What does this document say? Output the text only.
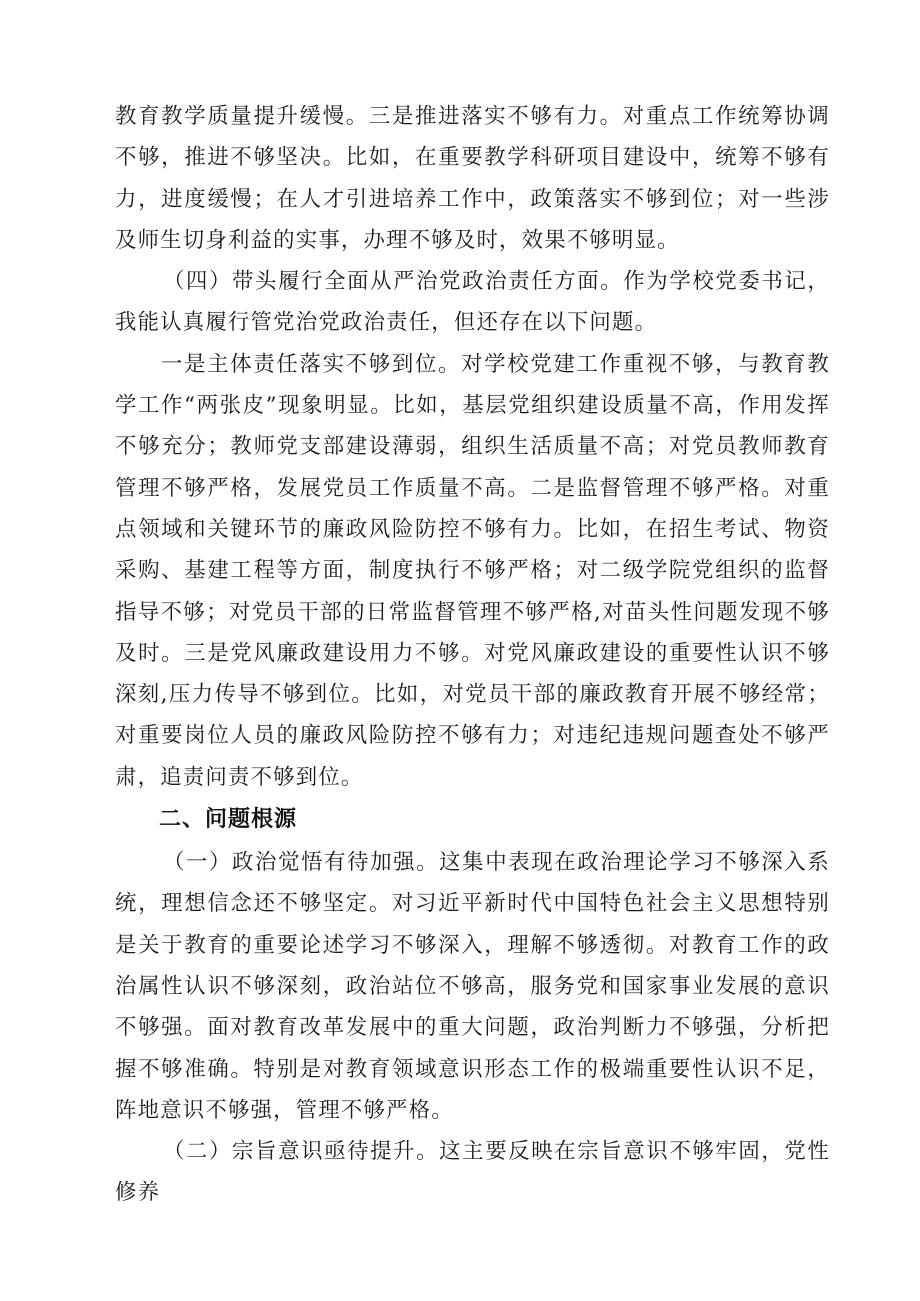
教育教学质量提升缓慢。三是推进落实不够有力。对重点工作统筹协调不够，推进不够坚决。比如，在重要教学科研项目建设中，统筹不够有力，进度缓慢；在人才引进培养工作中，政策落实不够到位；对一些涉及师生切身利益的实事，办理不够及时，效果不够明显。

（四）带头履行全面从严治党政治责任方面。作为学校党委书记，我能认真履行管党治党政治责任，但还存在以下问题。

一是主体责任落实不够到位。对学校党建工作重视不够，与教育教学工作“两张皮”现象明显。比如，基层党组织建设质量不高，作用发挥不够充分；教师党支部建设薄弱，组织生活质量不高；对党员教师教育管理不够严格，发展党员工作质量不高。二是监督管理不够严格。对重点领域和关键环节的廉政风险防控不够有力。比如，在招生考试、物资采购、基建工程等方面，制度执行不够严格；对二级学院党组织的监督指导不够；对党员干部的日常监督管理不够严格,对苗头性问题发现不够及时。三是党风廉政建设用力不够。对党风廉政建设的重要性认识不够深刻,压力传导不够到位。比如，对党员干部的廉政教育开展不够经常；对重要岗位人员的廉政风险防控不够有力；对违纪违规问题查处不够严肃，追责问责不够到位。

二、问题根源

（一）政治觉悟有待加强。这集中表现在政治理论学习不够深入系统，理想信念还不够坚定。对习近平新时代中国特色社会主义思想特别是关于教育的重要论述学习不够深入，理解不够透彻。对教育工作的政治属性认识不够深刻，政治站位不够高，服务党和国家事业发展的意识不够强。面对教育改革发展中的重大问题，政治判断力不够强，分析把握不够准确。特别是对教育领域意识形态工作的极端重要性认识不足，阵地意识不够强，管理不够严格。

（二）宗旨意识亟待提升。这主要反映在宗旨意识不够牢固，党性修养
